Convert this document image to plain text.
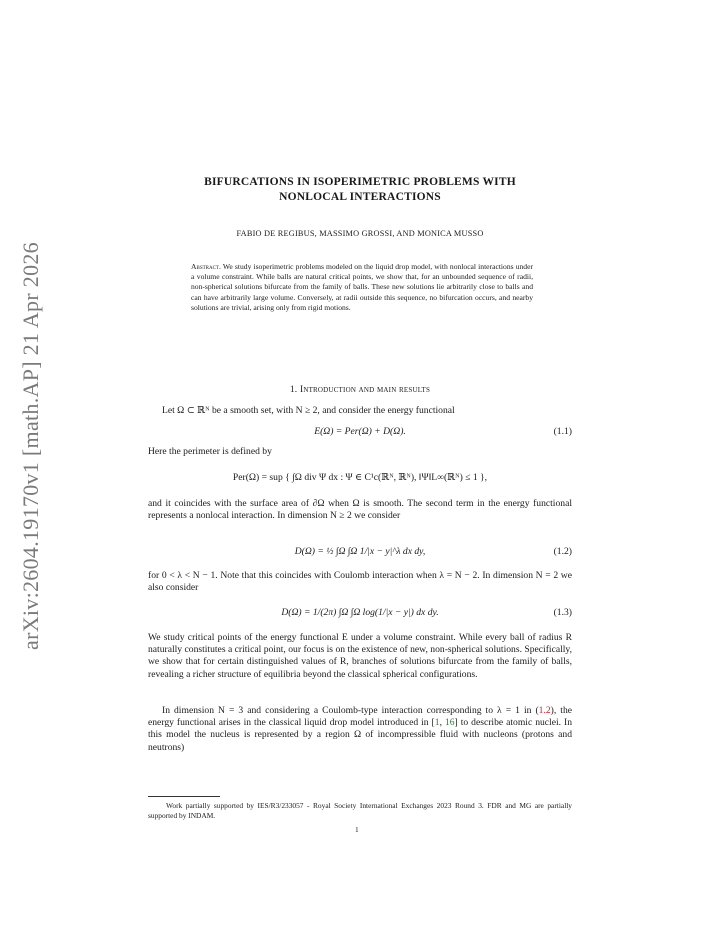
arXiv:2604.19170v1 [math.AP] 21 Apr 2026
BIFURCATIONS IN ISOPERIMETRIC PROBLEMS WITH
NONLOCAL INTERACTIONS
FABIO DE REGIBUS, MASSIMO GROSSI, AND MONICA MUSSO
Abstract. We study isoperimetric problems modeled on the liquid drop model, with nonlocal interactions under a volume constraint. While balls are natural critical points, we show that, for an unbounded sequence of radii, non-spherical solutions bifurcate from the family of balls. These new solutions lie arbitrarily close to balls and can have arbitrarily large volume. Conversely, at radii outside this sequence, no bifurcation occurs, and nearby solutions are trivial, arising only from rigid motions.
1. Introduction and main results
Let Ω ⊂ ℝᴺ be a smooth set, with N ≥ 2, and consider the energy functional
E(Ω) = Per(Ω) + D(Ω).	(1.1)
Here the perimeter is defined by
Per(Ω) = sup { ∫Ω div Ψ dx : Ψ ∈ C¹c(ℝᴺ, ℝᴺ), ‖Ψ‖L∞(ℝᴺ) ≤ 1 },
and it coincides with the surface area of ∂Ω when Ω is smooth. The second term in the energy functional represents a nonlocal interaction. In dimension N ≥ 2 we consider
D(Ω) = ½ ∫Ω ∫Ω 1/|x − y|^λ dx dy,	(1.2)
for 0 < λ < N − 1. Note that this coincides with Coulomb interaction when λ = N − 2. In dimension N = 2 we also consider
D(Ω) = 1/(2π) ∫Ω ∫Ω log(1/|x − y|) dx dy.	(1.3)
We study critical points of the energy functional E under a volume constraint. While every ball of radius R naturally constitutes a critical point, our focus is on the existence of new, non-spherical solutions. Specifically, we show that for certain distinguished values of R, branches of solutions bifurcate from the family of balls, revealing a richer structure of equilibria beyond the classical spherical configurations.
In dimension N = 3 and considering a Coulomb-type interaction corresponding to λ = 1 in (1.2), the energy functional arises in the classical liquid drop model introduced in [1, 16] to describe atomic nuclei. In this model the nucleus is represented by a region Ω of incompressible fluid with nucleons (protons and neutrons)
Work partially supported by IES/R3/233057 - Royal Society International Exchanges 2023 Round 3. FDR and MG are partially supported by INDAM.
1
